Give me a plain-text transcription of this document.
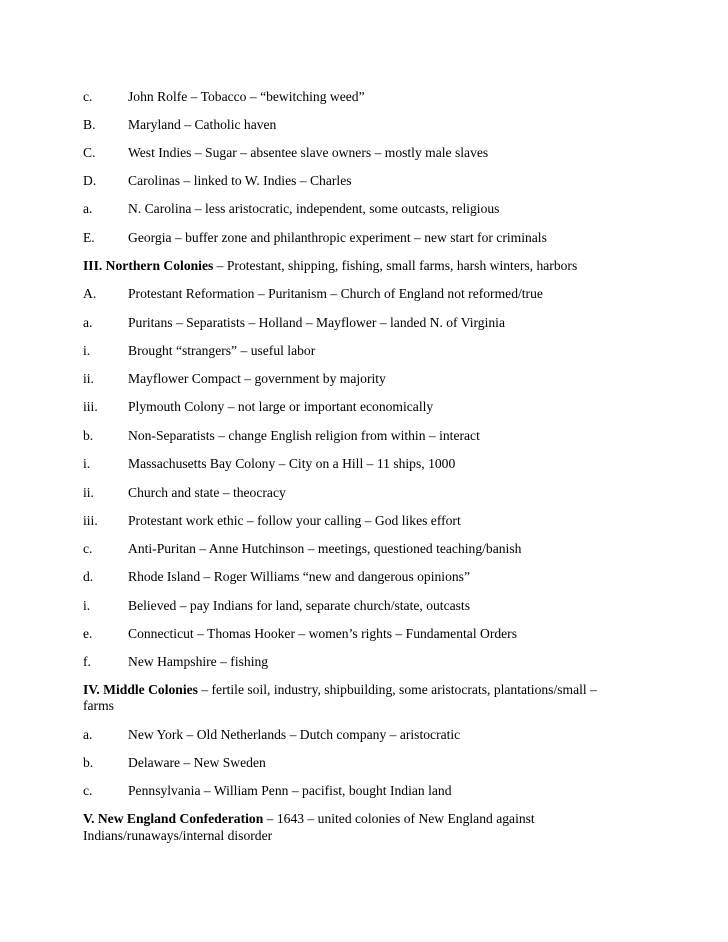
c.	John Rolfe – Tobacco – “bewitching weed”
B. Maryland – Catholic haven
C. West Indies – Sugar – absentee slave owners – mostly male slaves
D. Carolinas – linked to W. Indies – Charles
a.	N. Carolina – less aristocratic, independent, some outcasts, religious
E. Georgia – buffer zone and philanthropic experiment – new start for criminals
III. Northern Colonies – Protestant, shipping, fishing, small farms, harsh winters, harbors
A. Protestant Reformation – Puritanism – Church of England not reformed/true
a.	Puritans – Separatists – Holland – Mayflower – landed N. of Virginia
i.	Brought “strangers” – useful labor
ii.	Mayflower Compact – government by majority
iii. Plymouth Colony – not large or important economically
b.	Non-Separatists – change English religion from within – interact
i.	Massachusetts Bay Colony – City on a Hill – 11 ships, 1000
ii.	Church and state – theocracy
iii. Protestant work ethic – follow your calling – God likes effort
c.	Anti-Puritan – Anne Hutchinson – meetings, questioned teaching/banish
d.	Rhode Island – Roger Williams “new and dangerous opinions”
i.	Believed – pay Indians for land, separate church/state, outcasts
e.	Connecticut – Thomas Hooker – women’s rights – Fundamental Orders
f.	New Hampshire – fishing
IV. Middle Colonies – fertile soil, industry, shipbuilding, some aristocrats, plantations/small –
farms
a.	New York – Old Netherlands – Dutch company – aristocratic
b.	Delaware – New Sweden
c.	Pennsylvania – William Penn – pacifist, bought Indian land
V. New England Confederation – 1643 – united colonies of New England against
Indians/runaways/internal disorder
